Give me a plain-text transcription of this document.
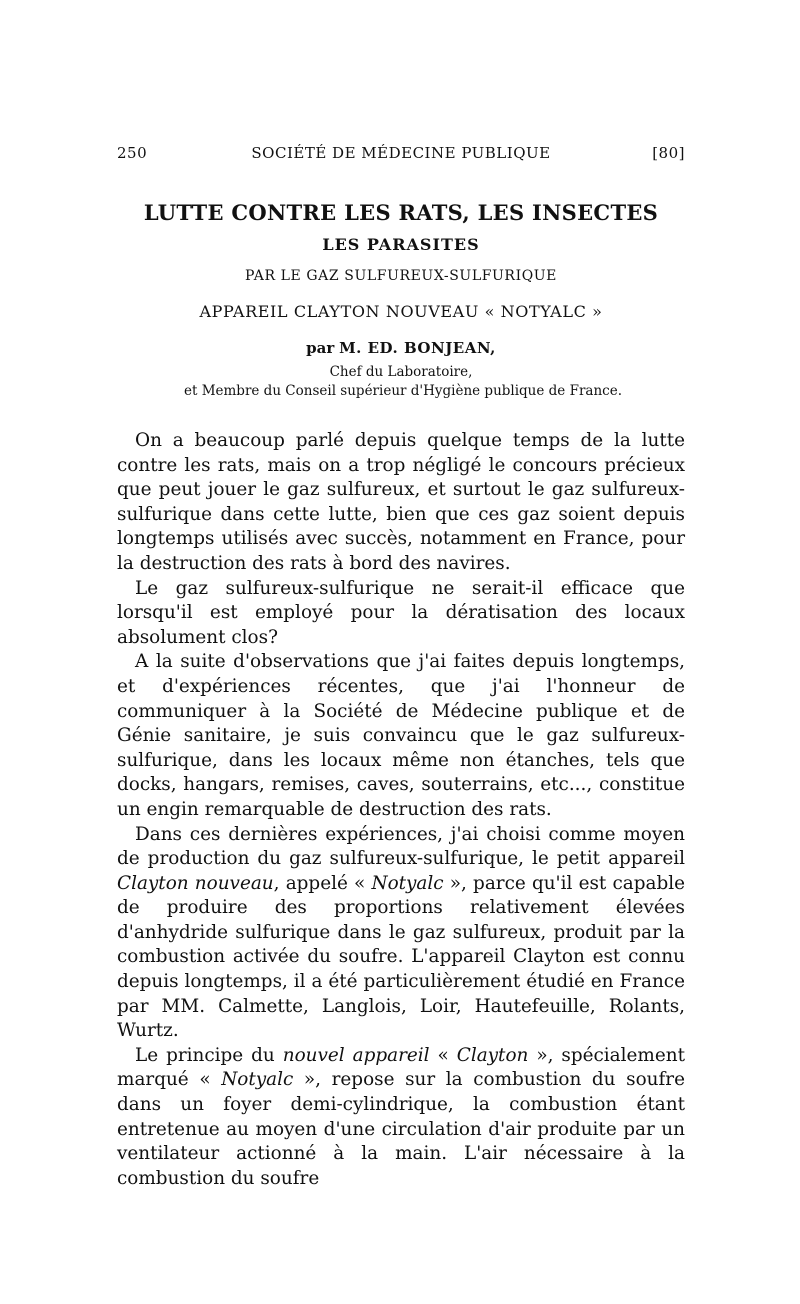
250	SOCIÉTÉ DE MÉDECINE PUBLIQUE	[80]
LUTTE CONTRE LES RATS, LES INSECTES
LES PARASITES
PAR LE GAZ SULFUREUX-SULFURIQUE
APPAREIL CLAYTON NOUVEAU « NOTYALC »
par M. ED. BONJEAN,
Chef du Laboratoire,
et Membre du Conseil supérieur d'Hygiène publique de France.

On a beaucoup parlé depuis quelque temps de la lutte contre les rats, mais on a trop négligé le concours précieux que peut jouer le gaz sulfureux, et surtout le gaz sulfureux-sulfurique dans cette lutte, bien que ces gaz soient depuis longtemps utilisés avec succès, notamment en France, pour la destruction des rats à bord des navires.

Le gaz sulfureux-sulfurique ne serait-il efficace que lorsqu'il est employé pour la dératisation des locaux absolument clos?

A la suite d'observations que j'ai faites depuis longtemps, et d'expériences récentes, que j'ai l'honneur de communiquer à la Société de Médecine publique et de Génie sanitaire, je suis convaincu que le gaz sulfureux-sulfurique, dans les locaux même non étanches, tels que docks, hangars, remises, caves, souterrains, etc..., constitue un engin remarquable de destruction des rats.

Dans ces dernières expériences, j'ai choisi comme moyen de production du gaz sulfureux-sulfurique, le petit appareil Clayton nouveau, appelé « Notyalc », parce qu'il est capable de produire des proportions relativement élevées d'anhydride sulfurique dans le gaz sulfureux, produit par la combustion activée du soufre. L'appareil Clayton est connu depuis longtemps, il a été particulièrement étudié en France par MM. Calmette, Langlois, Loir, Hautefeuille, Rolants, Wurtz.

Le principe du nouvel appareil « Clayton », spécialement marqué « Notyalc », repose sur la combustion du soufre dans un foyer demi-cylindrique, la combustion étant entretenue au moyen d'une circulation d'air produite par un ventilateur actionné à la main. L'air nécessaire à la combustion du soufre
